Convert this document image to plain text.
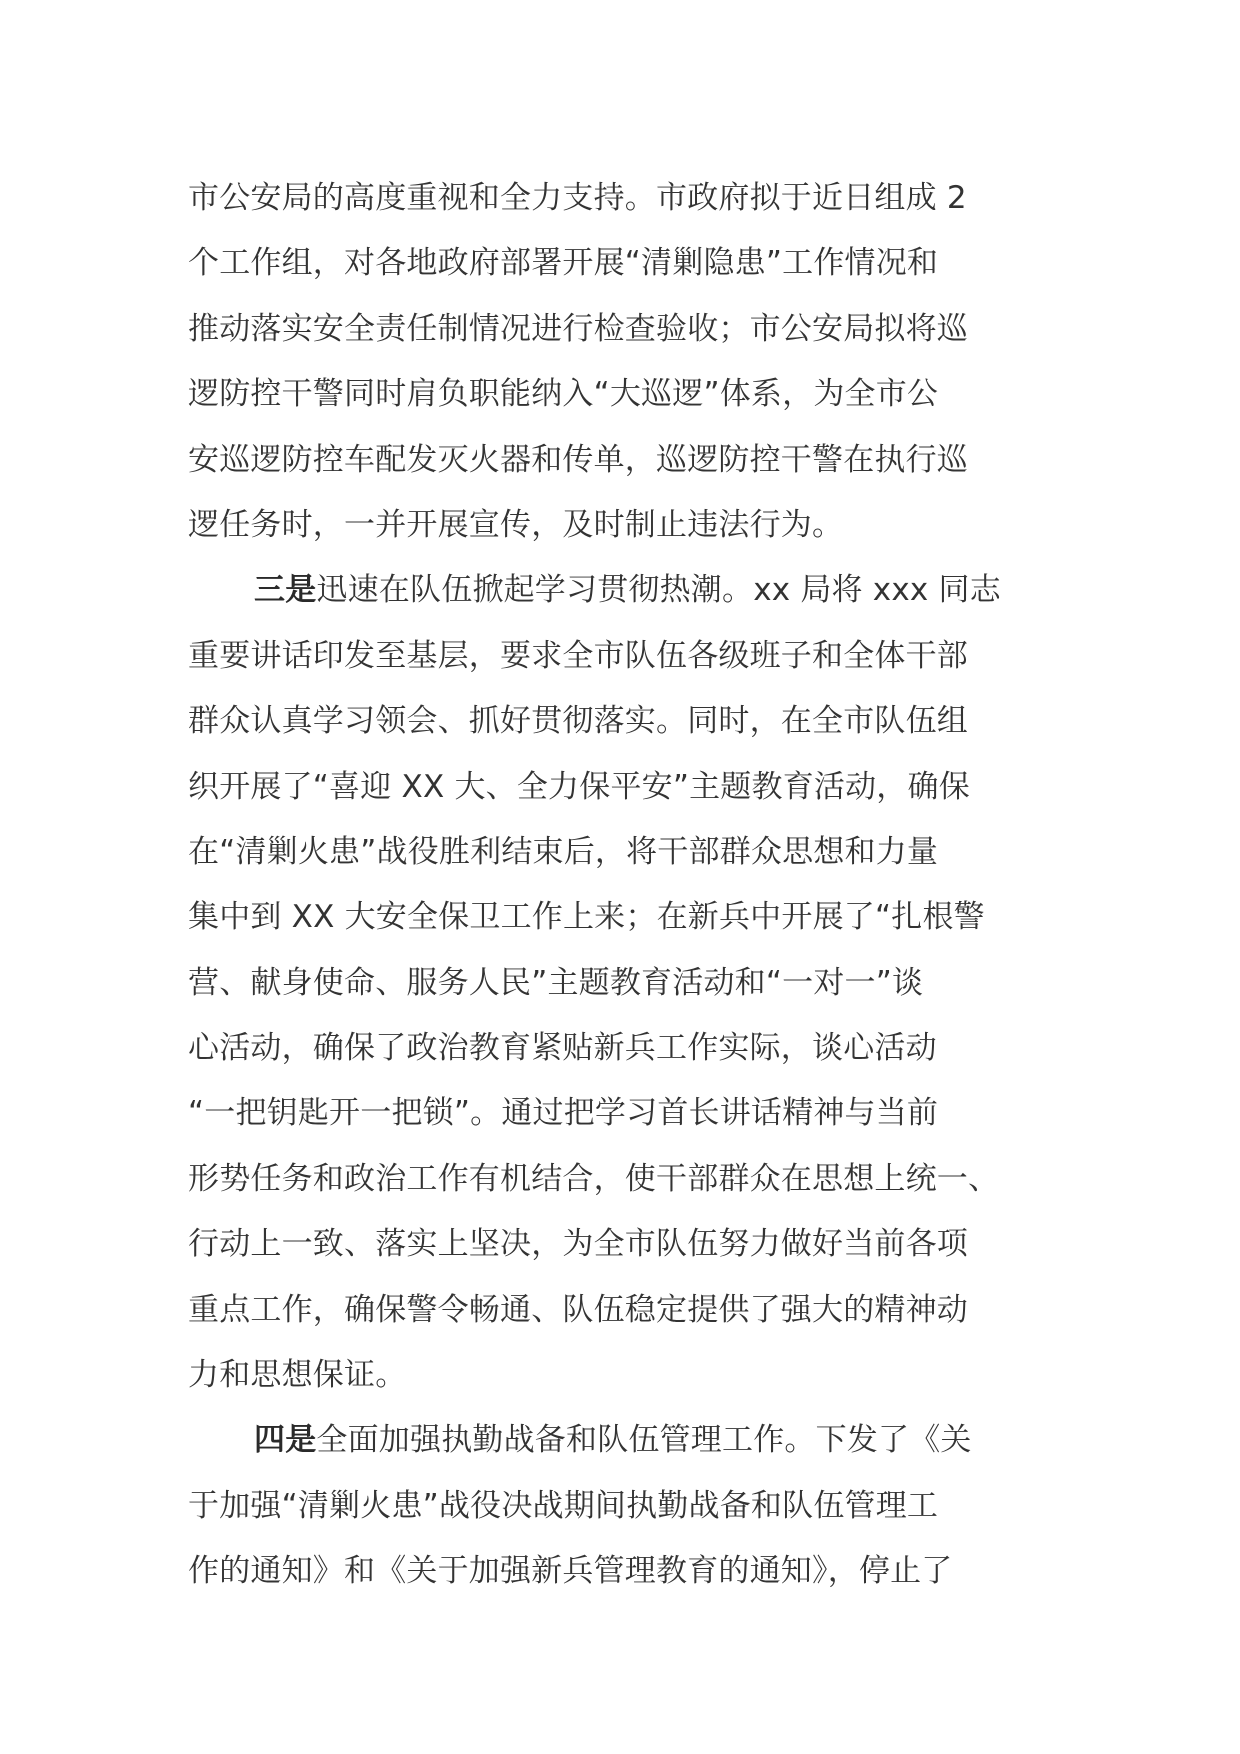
市公安局的高度重视和全力支持。市政府拟于近日组成 2
个工作组，对各地政府部署开展“清剿隐患”工作情况和
推动落实安全责任制情况进行检查验收；市公安局拟将巡
逻防控干警同时肩负职能纳入“大巡逻”体系，为全市公
安巡逻防控车配发灭火器和传单，巡逻防控干警在执行巡
逻任务时，一并开展宣传，及时制止违法行为。
三是迅速在队伍掀起学习贯彻热潮。xx 局将 xxx 同志
重要讲话印发至基层，要求全市队伍各级班子和全体干部
群众认真学习领会、抓好贯彻落实。同时，在全市队伍组
织开展了“喜迎 XX 大、全力保平安”主题教育活动，确保
在“清剿火患”战役胜利结束后，将干部群众思想和力量
集中到 XX 大安全保卫工作上来；在新兵中开展了“扎根警
营、献身使命、服务人民”主题教育活动和“一对一”谈
心活动，确保了政治教育紧贴新兵工作实际，谈心活动
“一把钥匙开一把锁”。通过把学习首长讲话精神与当前
形势任务和政治工作有机结合，使干部群众在思想上统一、
行动上一致、落实上坚决，为全市队伍努力做好当前各项
重点工作，确保警令畅通、队伍稳定提供了强大的精神动
力和思想保证。
四是全面加强执勤战备和队伍管理工作。下发了《关
于加强“清剿火患”战役决战期间执勤战备和队伍管理工
作的通知》和《关于加强新兵管理教育的通知》，停止了
